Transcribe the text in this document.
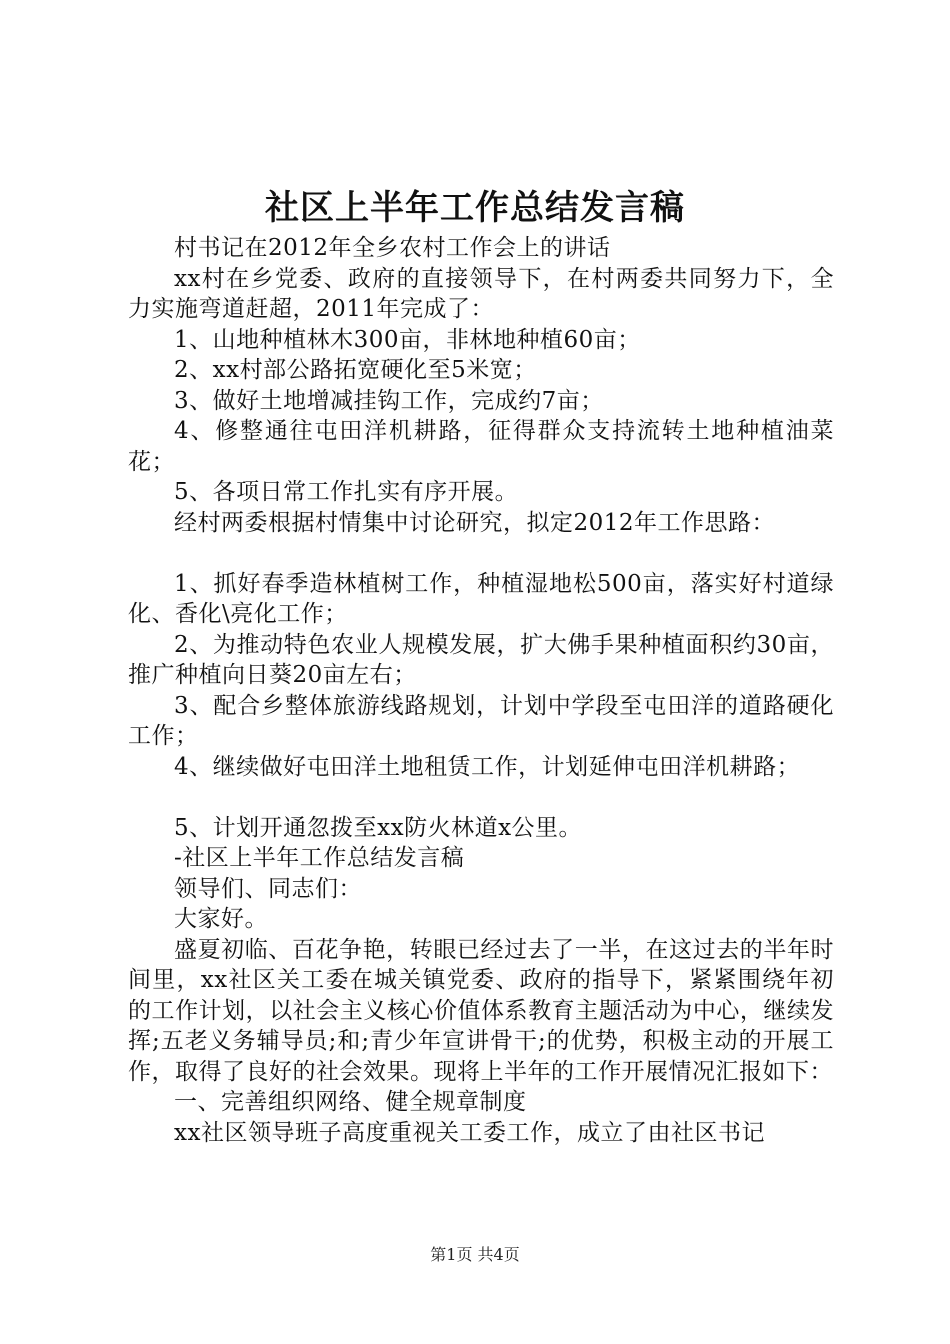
社区上半年工作总结发言稿

村书记在2012年全乡农村工作会上的讲话

xx村在乡党委、政府的直接领导下，在村两委共同努力下，全力实施弯道赶超，2011年完成了：

1、山地种植林木300亩，非林地种植60亩；

2、xx村部公路拓宽硬化至5米宽；

3、做好土地增减挂钩工作，完成约7亩；

4、修整通往屯田洋机耕路，征得群众支持流转土地种植油菜花；

5、各项日常工作扎实有序开展。

经村两委根据村情集中讨论研究，拟定2012年工作思路：

1、抓好春季造林植树工作，种植湿地松500亩，落实好村道绿化、香化\亮化工作；

2、为推动特色农业人规模发展，扩大佛手果种植面积约30亩，推广种植向日葵20亩左右；

3、配合乡整体旅游线路规划，计划中学段至屯田洋的道路硬化工作；

4、继续做好屯田洋土地租赁工作，计划延伸屯田洋机耕路；

5、计划开通忽拨至xx防火林道x公里。

-社区上半年工作总结发言稿

领导们、同志们：

大家好。

盛夏初临、百花争艳，转眼已经过去了一半，在这过去的半年时间里，xx社区关工委在城关镇党委、政府的指导下，紧紧围绕年初的工作计划，以社会主义核心价值体系教育主题活动为中心，继续发挥;五老义务辅导员;和;青少年宣讲骨干;的优势，积极主动的开展工作，取得了良好的社会效果。现将上半年的工作开展情况汇报如下：

一、完善组织网络、健全规章制度

xx社区领导班子高度重视关工委工作，成立了由社区书记

第1页 共4页
